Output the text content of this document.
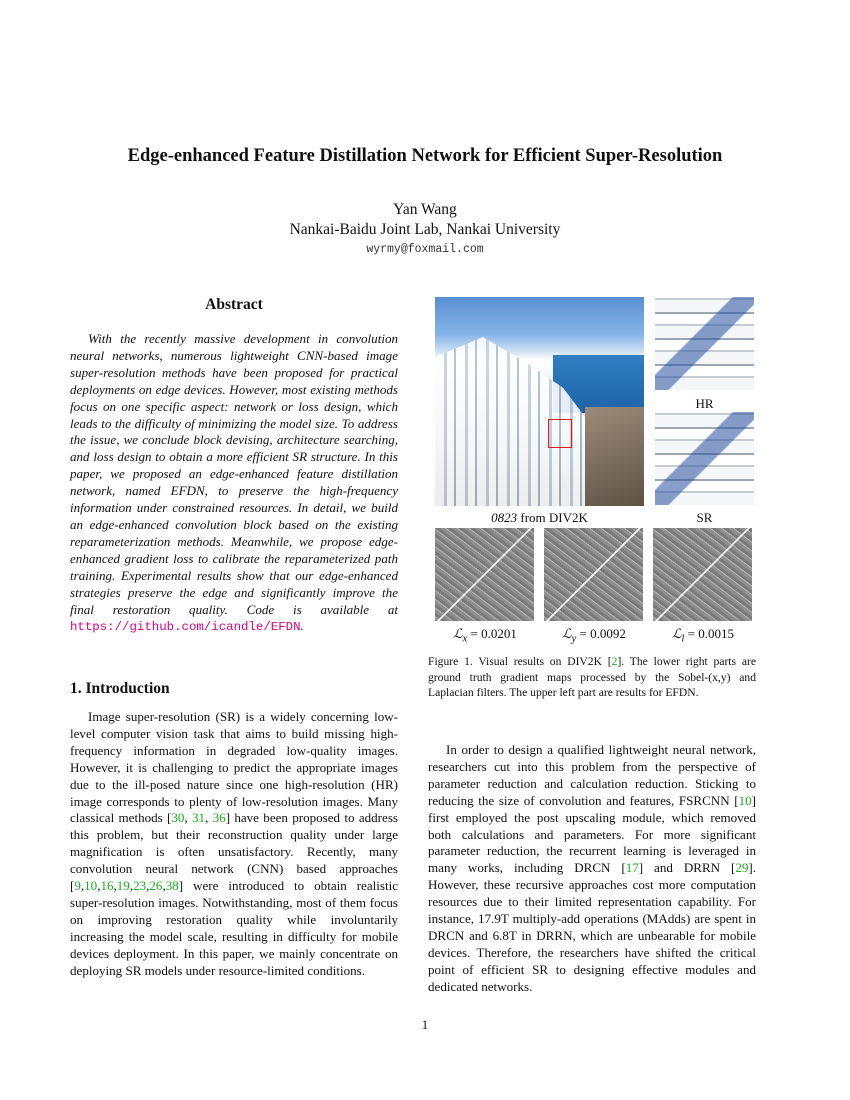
Edge-enhanced Feature Distillation Network for Efficient Super-Resolution

Yan Wang

Nankai-Baidu Joint Lab, Nankai University

wyrmy@foxmail.com
Abstract

With the recently massive development in convolution neural networks, numerous lightweight CNN-based image super-resolution methods have been proposed for practical deployments on edge devices. However, most existing methods focus on one specific aspect: network or loss design, which leads to the difficulty of minimizing the model size. To address the issue, we conclude block devising, architecture searching, and loss design to obtain a more efficient SR structure. In this paper, we proposed an edge-enhanced feature distillation network, named EFDN, to preserve the high-frequency information under constrained resources. In detail, we build an edge-enhanced convolution block based on the existing reparameterization methods. Meanwhile, we propose edge-enhanced gradient loss to calibrate the reparameterized path training. Experimental results show that our edge-enhanced strategies preserve the edge and significantly improve the final restoration quality. Code is available at https://github.com/icandle/EFDN.

1. Introduction

Image super-resolution (SR) is a widely concerning low-level computer vision task that aims to build missing high-frequency information in degraded low-quality images. However, it is challenging to predict the appropriate images due to the ill-posed nature since one high-resolution (HR) image corresponds to plenty of low-resolution images. Many classical methods [30, 31, 36] have been proposed to address this problem, but their reconstruction quality under large magnification is often unsatisfactory. Recently, many convolution neural network (CNN) based approaches [9,10,16,19,23,26,38] were introduced to obtain realistic super-resolution images. Notwithstanding, most of them focus on improving restoration quality while involuntarily increasing the model scale, resulting in difficulty for mobile devices deployment. In this paper, we mainly concentrate on deploying SR models under resource-limited conditions.

HR
0823 from DIV2K	SR
ℒ$_x$ = 0.0201	ℒ$_y$ = 0.0092	ℒ$_l$ = 0.0015
Figure 1. Visual results on DIV2K [2]. The lower right parts are ground truth gradient maps processed by the Sobel-(x,y) and Laplacian filters. The upper left part are results for EFDN.

In order to design a qualified lightweight neural network, researchers cut into this problem from the perspective of parameter reduction and calculation reduction. Sticking to reducing the size of convolution and features, FSRCNN [10] first employed the post upscaling module, which removed both calculations and parameters. For more significant parameter reduction, the recurrent learning is leveraged in many works, including DRCN [17] and DRRN [29]. However, these recursive approaches cost more computation resources due to their limited representation capability. For instance, 17.9T multiply-add operations (MAdds) are spent in DRCN and 6.8T in DRRN, which are unbearable for mobile devices. Therefore, the researchers have shifted the critical point of efficient SR to designing effective modules and dedicated networks.

1
